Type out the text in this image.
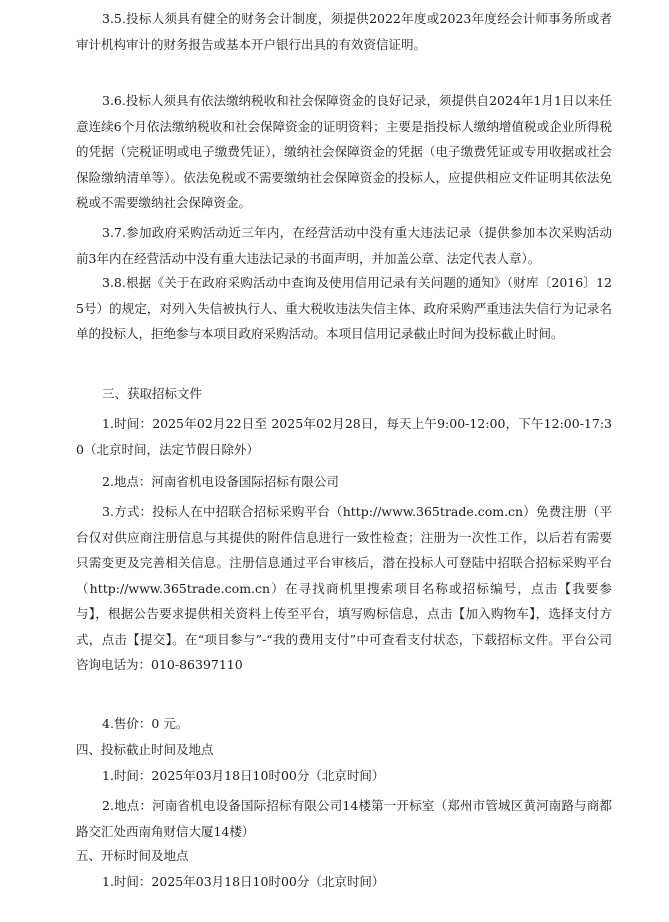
3.5.投标人须具有健全的财务会计制度，须提供2022年度或2023年度经会计师事务所或者审计机构审计的财务报告或基本开户银行出具的有效资信证明。

3.6.投标人须具有依法缴纳税收和社会保障资金的良好记录，须提供自2024年1月1日以来任意连续6个月依法缴纳税收和社会保障资金的证明资料；主要是指投标人缴纳增值税或企业所得税的凭据（完税证明或电子缴费凭证），缴纳社会保障资金的凭据（电子缴费凭证或专用收据或社会保险缴纳清单等）。依法免税或不需要缴纳社会保障资金的投标人，应提供相应文件证明其依法免税或不需要缴纳社会保障资金。

3.7.参加政府采购活动近三年内，在经营活动中没有重大违法记录（提供参加本次采购活动前3年内在经营活动中没有重大违法记录的书面声明，并加盖公章、法定代表人章）。

3.8.根据《关于在政府采购活动中查询及使用信用记录有关问题的通知》（财库〔2016〕125号）的规定，对列入失信被执行人、重大税收违法失信主体、政府采购严重违法失信行为记录名单的投标人，拒绝参与本项目政府采购活动。本项目信用记录截止时间为投标截止时间。

三、获取招标文件

1.时间：2025年02月22日至 2025年02月28日，每天上午9:00-12:00，下午12:00-17:30（北京时间，法定节假日除外）

2.地点：河南省机电设备国际招标有限公司

3.方式：投标人在中招联合招标采购平台（http://www.365trade.com.cn）免费注册（平台仅对供应商注册信息与其提供的附件信息进行一致性检查；注册为一次性工作，以后若有需要只需变更及完善相关信息。注册信息通过平台审核后，潜在投标人可登陆中招联合招标采购平台（http://www.365trade.com.cn）在寻找商机里搜索项目名称或招标编号，点击【我要参与】，根据公告要求提供相关资料上传至平台，填写购标信息，点击【加入购物车】，选择支付方式，点击【提交】。在“项目参与”-“我的费用支付”中可查看支付状态，下载招标文件。平台公司咨询电话为：010-86397110

4.售价：0 元。

四、投标截止时间及地点

1.时间：2025年03月18日10时00分（北京时间）

2.地点：河南省机电设备国际招标有限公司14楼第一开标室（郑州市管城区黄河南路与商都路交汇处西南角财信大厦14楼）

五、开标时间及地点

1.时间：2025年03月18日10时00分（北京时间）
